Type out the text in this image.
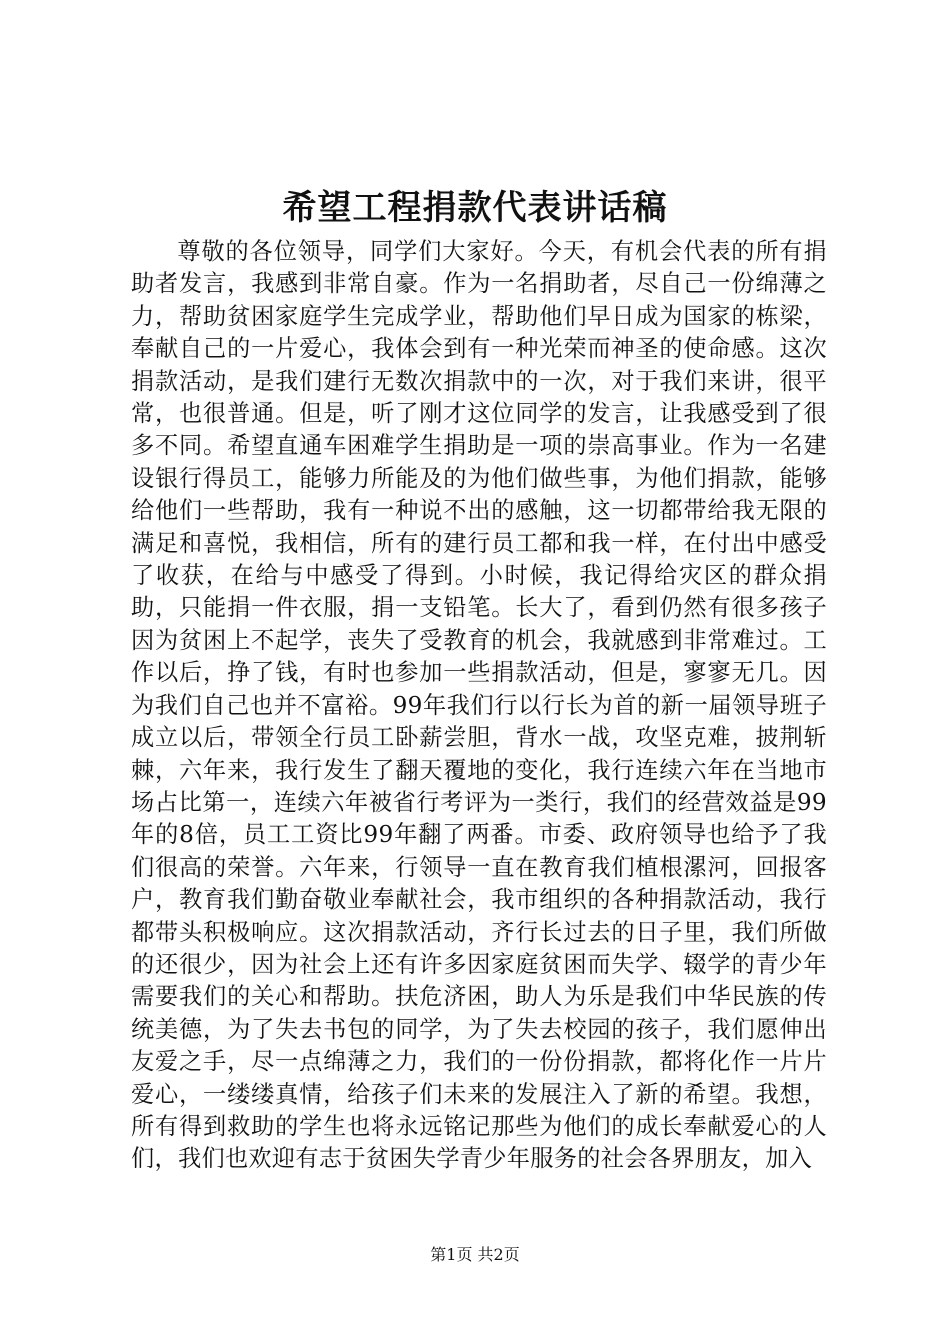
希望工程捐款代表讲话稿

尊敬的各位领导，同学们大家好。今天，有机会代表的所有捐助者发言，我感到非常自豪。作为一名捐助者，尽自己一份绵薄之力，帮助贫困家庭学生完成学业，帮助他们早日成为国家的栋梁，奉献自己的一片爱心，我体会到有一种光荣而神圣的使命感。这次捐款活动，是我们建行无数次捐款中的一次，对于我们来讲，很平常，也很普通。但是，听了刚才这位同学的发言，让我感受到了很多不同。希望直通车困难学生捐助是一项的崇高事业。作为一名建设银行得员工，能够力所能及的为他们做些事，为他们捐款，能够给他们一些帮助，我有一种说不出的感触，这一切都带给我无限的满足和喜悦，我相信，所有的建行员工都和我一样，在付出中感受了收获，在给与中感受了得到。小时候，我记得给灾区的群众捐助，只能捐一件衣服，捐一支铅笔。长大了，看到仍然有很多孩子因为贫困上不起学，丧失了受教育的机会，我就感到非常难过。工作以后，挣了钱，有时也参加一些捐款活动，但是，寥寥无几。因为我们自己也并不富裕。99年我们行以行长为首的新一届领导班子成立以后，带领全行员工卧薪尝胆，背水一战，攻坚克难，披荆斩棘，六年来，我行发生了翻天覆地的变化，我行连续六年在当地市场占比第一，连续六年被省行考评为一类行，我们的经营效益是99年的8倍，员工工资比99年翻了两番。市委、政府领导也给予了我们很高的荣誉。六年来，行领导一直在教育我们植根漯河，回报客户，教育我们勤奋敬业奉献社会，我市组织的各种捐款活动，我行都带头积极响应。这次捐款活动，齐行长过去的日子里，我们所做的还很少，因为社会上还有许多因家庭贫困而失学、辍学的青少年需要我们的关心和帮助。扶危济困，助人为乐是我们中华民族的传统美德，为了失去书包的同学，为了失去校园的孩子，我们愿伸出友爱之手，尽一点绵薄之力，我们的一份份捐款，都将化作一片片爱心，一缕缕真情，给孩子们未来的发展注入了新的希望。我想，所有得到救助的学生也将永远铭记那些为他们的成长奉献爱心的人们，我们也欢迎有志于贫困失学青少年服务的社会各界朋友，加入

第1页 共2页
